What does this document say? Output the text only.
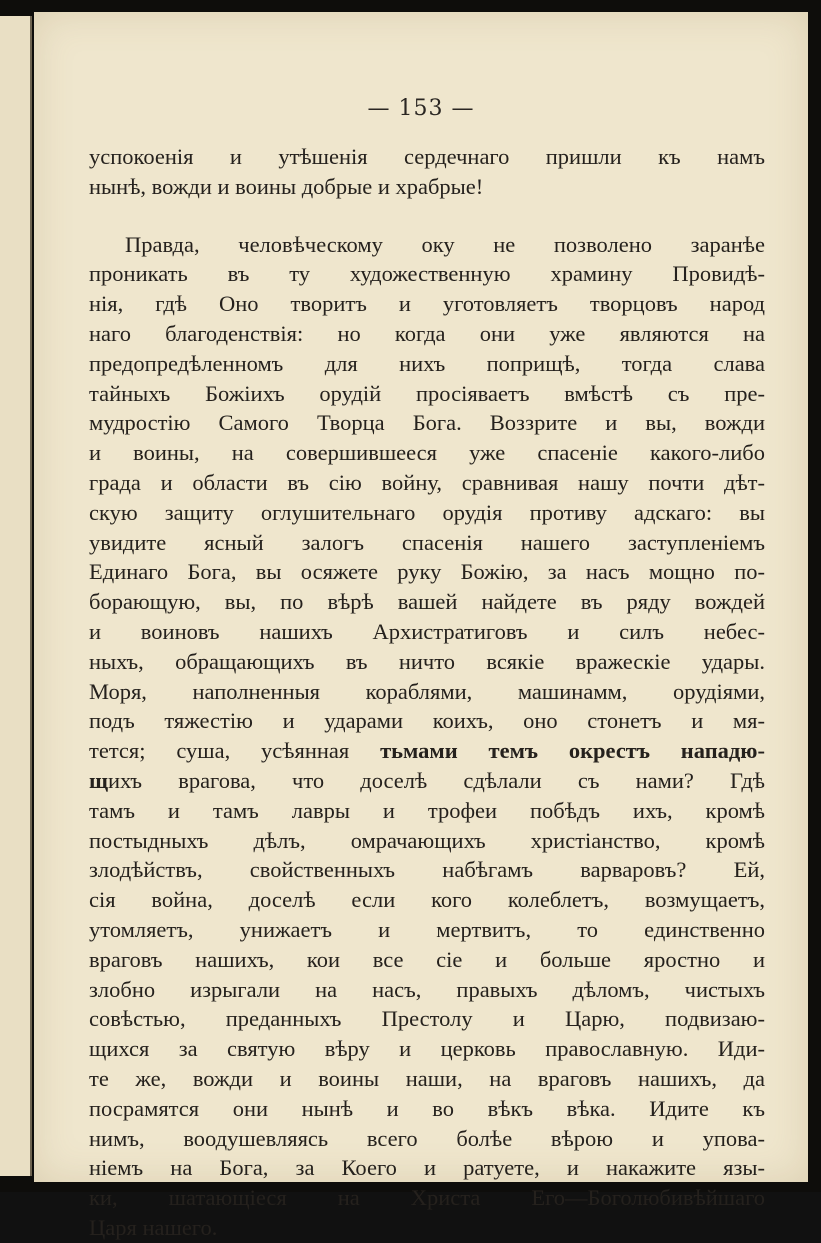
— 153 —
успокоенія и утѣшенія сердечнаго пришли къ намъ
нынѣ, вожди и воины добрые и храбрые!
Правда, человѣческому оку не позволено заранѣе
проникать въ ту художественную храмину Провидѣ-
нія, гдѣ Оно творитъ и уготовляетъ творцовъ народ
наго благоденствія: но когда они уже являются на
предопредѣленномъ для нихъ поприщѣ, тогда слава
тайныхъ Божіихъ орудій просіяваетъ вмѣстѣ съ пре-
мудростію Самого Творца Бога. Воззрите и вы, вожди
и воины, на совершившееся уже спасеніе какого-либо
града и области въ сію войну, сравнивая нашу почти дѣт-
скую защиту оглушительнаго орудія противу адскаго: вы
увидите ясный залогъ спасенія нашего заступленіемъ
Единаго Бога, вы осяжете руку Божію, за насъ мощно по-
борающую, вы, по вѣрѣ вашей найдете въ ряду вождей
и воиновъ нашихъ Архистратиговъ и силъ небес-
ныхъ, обращающихъ въ ничто всякіе вражескіе удары.
Моря, наполненныя кораблями, машинамм, орудіями,
подъ тяжестію и ударами коихъ, оно стонетъ и мя-
тется; суша, усѣянная тьмами темъ окрестъ нападю-
щихъ врагова, что доселѣ сдѣлали съ нами? Гдѣ
тамъ и тамъ лавры и трофеи побѣдъ ихъ, кромѣ
постыдныхъ дѣлъ, омрачающихъ христіанство, кромѣ
злодѣйствъ, свойственныхъ набѣгамъ варваровъ? Ей,
сія война, доселѣ если кого колеблетъ, возмущаетъ,
утомляетъ, унижаетъ и мертвитъ, то единственно
враговъ нашихъ, кои все сіе и больше яростно и
злобно изрыгали на насъ, правыхъ дѣломъ, чистыхъ
совѣстью, преданныхъ Престолу и Царю, подвизаю-
щихся за святую вѣру и церковь православную. Иди-
те же, вожди и воины наши, на враговъ нашихъ, да
посрамятся они нынѣ и во вѣкъ вѣка. Идите къ
нимъ, воодушевляясь всего болѣе вѣрою и упова-
ніемъ на Бога, за Коего и ратуете, и накажите язы-
ки, шатающіеся на Христа Его—Боголюбивѣйшаго
Царя нашего.
